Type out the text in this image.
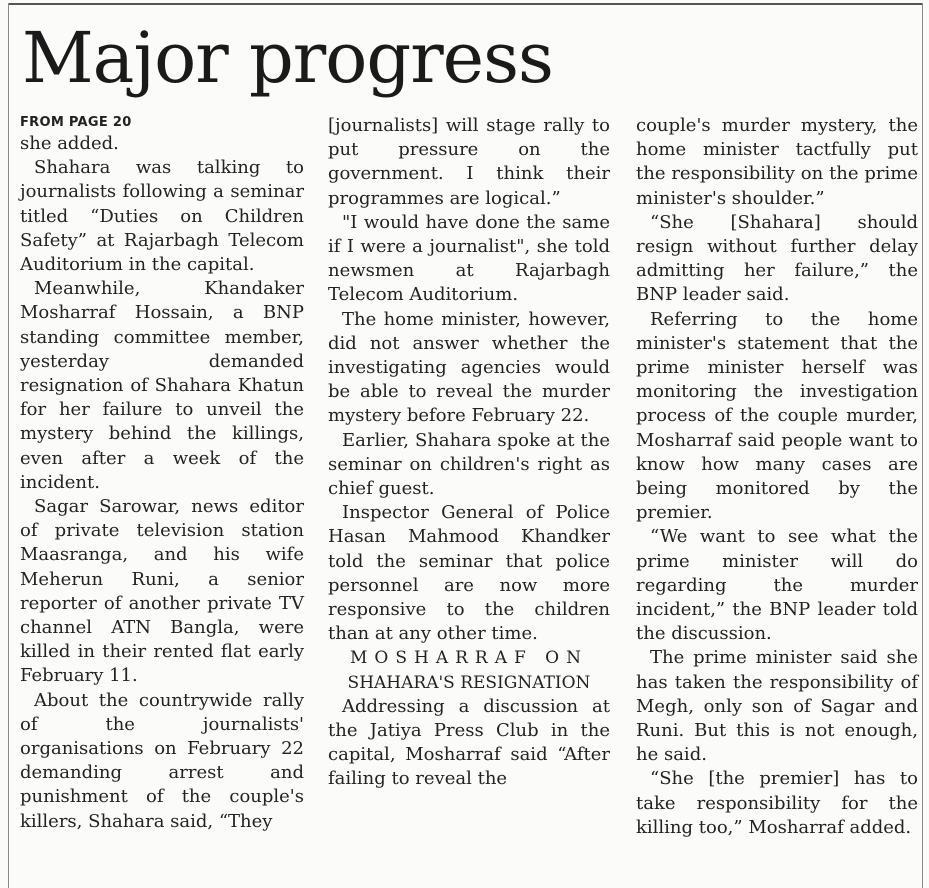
Major progress
FROM PAGE 20

she added.

Shahara was talking to journalists following a seminar titled “Duties on Children Safety” at Rajarbagh Telecom Auditorium in the capital.

Meanwhile, Khandaker Mosharraf Hossain, a BNP standing committee member, yesterday demanded resignation of Shahara Khatun for her failure to unveil the mystery behind the killings, even after a week of the incident.

Sagar Sarowar, news editor of private television station Maasranga, and his wife Meherun Runi, a senior reporter of another private TV channel ATN Bangla, were killed in their rented flat early February 11.

About the countrywide rally of the journalists' organisations on February 22 demanding arrest and punishment of the couple's killers, Shahara said, “They

[journalists] will stage rally to put pressure on the government. I think their programmes are logical.”

"I would have done the same if I were a journalist", she told newsmen at Rajarbagh Telecom Auditorium.

The home minister, however, did not answer whether the investigating agencies would be able to reveal the murder mystery before February 22.

Earlier, Shahara spoke at the seminar on children's right as chief guest.

Inspector General of Police Hasan Mahmood Khandker told the seminar that police personnel are now more responsive to the children than at any other time.

MOSHARRAF ON
SHAHARA'S RESIGNATION

Addressing a discussion at the Jatiya Press Club in the capital, Mosharraf said “After failing to reveal the

couple's murder mystery, the home minister tactfully put the responsibility on the prime minister's shoulder.”

“She [Shahara] should resign without further delay admitting her failure,” the BNP leader said.

Referring to the home minister's statement that the prime minister herself was monitoring the investigation process of the couple murder, Mosharraf said people want to know how many cases are being monitored by the premier.

“We want to see what the prime minister will do regarding the murder incident,” the BNP leader told the discussion.

The prime minister said she has taken the responsibility of Megh, only son of Sagar and Runi. But this is not enough, he said.

“She [the premier] has to take responsibility for the killing too,” Mosharraf added.
